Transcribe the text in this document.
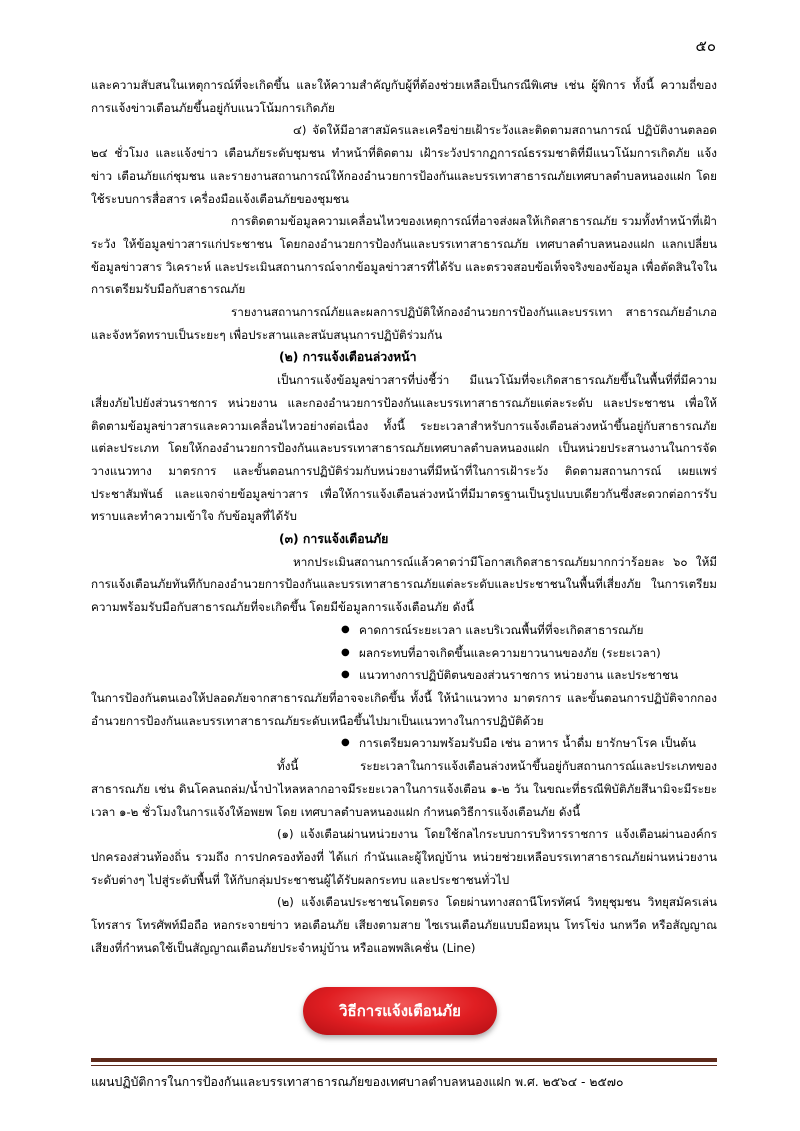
๕๐

และความสับสนในเหตุการณ์ที่จะเกิดขึ้น และให้ความสำคัญกับผู้ที่ต้องช่วยเหลือเป็นกรณีพิเศษ เช่น ผู้พิการ ทั้งนี้ ความถี่ของการแจ้งข่าวเตือนภัยขึ้นอยู่กับแนวโน้มการเกิดภัย

๔) จัดให้มีอาสาสมัครและเครือข่ายเฝ้าระวังและติดตามสถานการณ์ ปฏิบัติงานตลอด ๒๔ ชั่วโมง และแจ้งข่าว เตือนภัยระดับชุมชน ทำหน้าที่ติดตาม เฝ้าระวังปรากฏการณ์ธรรมชาติที่มีแนวโน้มการเกิดภัย แจ้งข่าว เตือนภัยแก่ชุมชน และรายงานสถานการณ์ให้กองอำนวยการป้องกันและบรรเทาสาธารณภัยเทศบาลตำบลหนองแฝก โดยใช้ระบบการสื่อสาร เครื่องมือแจ้งเตือนภัยของชุมชน

การติดตามข้อมูลความเคลื่อนไหวของเหตุการณ์ที่อาจส่งผลให้เกิดสาธารณภัย รวมทั้งทำหน้าที่เฝ้าระวัง ให้ข้อมูลข่าวสารแก่ประชาชน โดยกองอำนวยการป้องกันและบรรเทาสาธารณภัย เทศบาลตำบลหนองแฝก แลกเปลี่ยนข้อมูลข่าวสาร วิเคราะห์ และประเมินสถานการณ์จากข้อมูลข่าวสารที่ได้รับ และตรวจสอบข้อเท็จจริงของข้อมูล เพื่อตัดสินใจในการเตรียมรับมือกับสาธารณภัย

รายงานสถานการณ์ภัยและผลการปฏิบัติให้กองอำนวยการป้องกันและบรรเทา สาธารณภัยอำเภอและจังหวัดทราบเป็นระยะๆ เพื่อประสานและสนับสนุนการปฏิบัติร่วมกัน

(๒) การแจ้งเตือนล่วงหน้า

เป็นการแจ้งข้อมูลข่าวสารที่บ่งชี้ว่า มีแนวโน้มที่จะเกิดสาธารณภัยขึ้นในพื้นที่ที่มีความเสี่ยงภัยไปยังส่วนราชการ หน่วยงาน และกองอำนวยการป้องกันและบรรเทาสาธารณภัยแต่ละระดับ และประชาชน เพื่อให้ติดตามข้อมูลข่าวสารและความเคลื่อนไหวอย่างต่อเนื่อง ทั้งนี้ ระยะเวลาสำหรับการแจ้งเตือนล่วงหน้าขึ้นอยู่กับสาธารณภัยแต่ละประเภท โดยให้กองอำนวยการป้องกันและบรรเทาสาธารณภัยเทศบาลตำบลหนองแฝก เป็นหน่วยประสานงานในการจัดวางแนวทาง มาตรการ และขั้นตอนการปฏิบัติร่วมกับหน่วยงานที่มีหน้าที่ในการเฝ้าระวัง ติดตามสถานการณ์ เผยแพร่ประชาสัมพันธ์ และแจกจ่ายข้อมูลข่าวสาร เพื่อให้การแจ้งเตือนล่วงหน้าที่มีมาตรฐานเป็นรูปแบบเดียวกันซึ่งสะดวกต่อการรับทราบและทำความเข้าใจ กับข้อมูลที่ได้รับ

(๓) การแจ้งเตือนภัย

หากประเมินสถานการณ์แล้วคาดว่ามีโอกาสเกิดสาธารณภัยมากกว่าร้อยละ ๖๐ ให้มีการแจ้งเตือนภัยทันทีกับกองอำนวยการป้องกันและบรรเทาสาธารณภัยแต่ละระดับและประชาชนในพื้นที่เสี่ยงภัย ในการเตรียมความพร้อมรับมือกับสาธารณภัยที่จะเกิดขึ้น โดยมีข้อมูลการแจ้งเตือนภัย ดังนี้

● คาดการณ์ระยะเวลา และบริเวณพื้นที่ที่จะเกิดสาธารณภัย
● ผลกระทบที่อาจเกิดขึ้นและความยาวนานของภัย (ระยะเวลา)
● แนวทางการปฏิบัติตนของส่วนราชการ หน่วยงาน และประชาชน

ในการป้องกันตนเองให้ปลอดภัยจากสาธารณภัยที่อาจจะเกิดขึ้น ทั้งนี้ ให้นำแนวทาง มาตรการ และขั้นตอนการปฏิบัติจากกองอำนวยการป้องกันและบรรเทาสาธารณภัยระดับเหนือขึ้นไปมาเป็นแนวทางในการปฏิบัติด้วย

● การเตรียมความพร้อมรับมือ เช่น อาหาร น้ำดื่ม ยารักษาโรค เป็นต้น

ทั้งนี้ ระยะเวลาในการแจ้งเตือนล่วงหน้าขึ้นอยู่กับสถานการณ์และประเภทของสาธารณภัย เช่น ดินโคลนถล่ม/น้ำป่าไหลหลากอาจมีระยะเวลาในการแจ้งเตือน ๑-๒ วัน ในขณะที่ธรณีพิบัติภัยสึนามิจะมีระยะเวลา ๑-๒ ชั่วโมงในการแจ้งให้อพยพ โดย เทศบาลตำบลหนองแฝก กำหนดวิธีการแจ้งเตือนภัย ดังนี้

(๑) แจ้งเตือนผ่านหน่วยงาน โดยใช้กลไกระบบการบริหารราชการ แจ้งเตือนผ่านองค์กรปกครองส่วนท้องถิ่น รวมถึง การปกครองท้องที่ ได้แก่ กำนันและผู้ใหญ่บ้าน หน่วยช่วยเหลือบรรเทาสาธารณภัยผ่านหน่วยงานระดับต่างๆ ไปสู่ระดับพื้นที่ ให้กับกลุ่มประชาชนผู้ได้รับผลกระทบ และประชาชนทั่วไป

(๒) แจ้งเตือนประชาชนโดยตรง โดยผ่านทางสถานีโทรทัศน์ วิทยุชุมชน วิทยุสมัครเล่น โทรสาร โทรศัพท์มือถือ หอกระจายข่าว หอเตือนภัย เสียงตามสาย ไซเรนเตือนภัยแบบมือหมุน โทรโข่ง นกหวีด หรือสัญญาณเสียงที่กำหนดใช้เป็นสัญญาณเตือนภัยประจำหมู่บ้าน หรือแอพพลิเคชั่น (Line)

วิธีการแจ้งเตือนภัย
แผนปฏิบัติการในการป้องกันและบรรเทาสาธารณภัยของเทศบาลตำบลหนองแฝก พ.ศ. ๒๕๖๔ - ๒๕๗๐
